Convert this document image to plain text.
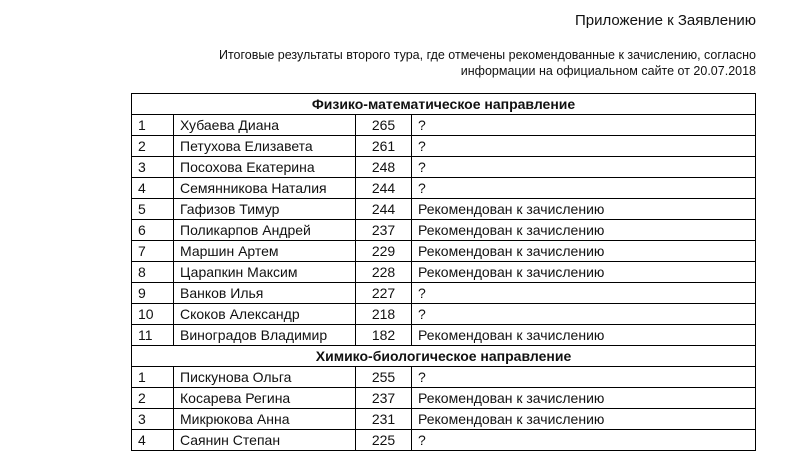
Приложение к Заявлению
Итоговые результаты второго тура, где отмечены рекомендованные к зачислению, согласно
информации на официальном сайте от 20.07.2018
Физико-математическое направление			
1	Хубаева Диана	265	?
2	Петухова Елизавета	261	?
3	Посохова Екатерина	248	?
4	Семянникова Наталия	244	?
5	Гафизов Тимур	244	Рекомендован к зачислению
6	Поликарпов Андрей	237	Рекомендован к зачислению
7	Маршин Артем	229	Рекомендован к зачислению
8	Царапкин Максим	228	Рекомендован к зачислению
9	Ванков Илья	227	?
10	Скоков Александр	218	?
11	Виноградов Владимир	182	Рекомендован к зачислению
Химико-биологическое направление			
1	Пискунова Ольга	255	?
2	Косарева Регина	237	Рекомендован к зачислению
3	Микрюкова Анна	231	Рекомендован к зачислению
4	Саянин Степан	225	?
